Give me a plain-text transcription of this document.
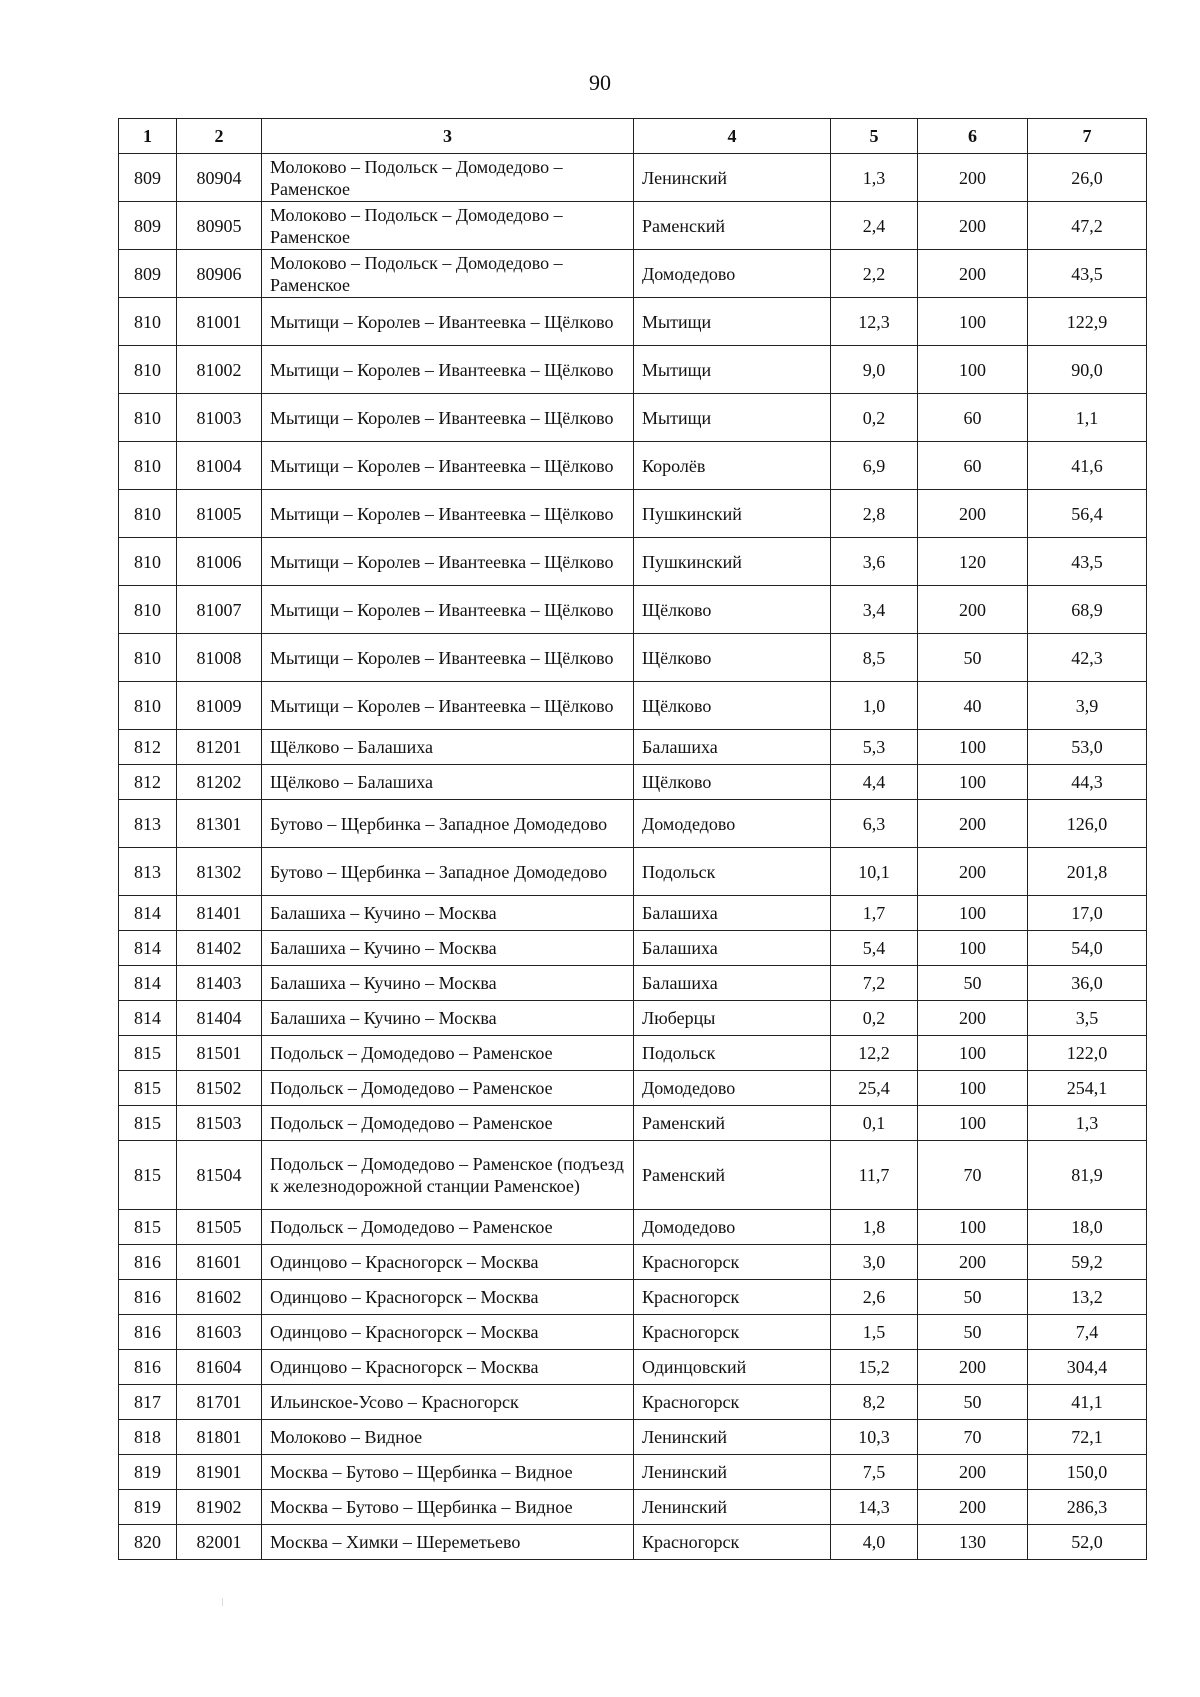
90
1	2	3	4	5	6	7
809	80904	Молоково – Подольск – Домодедово – Раменское	Ленинский	1,3	200	26,0
809	80905	Молоково – Подольск – Домодедово – Раменское	Раменский	2,4	200	47,2
809	80906	Молоково – Подольск – Домодедово – Раменское	Домодедово	2,2	200	43,5
810	81001	Мытищи – Королев – Ивантеевка – Щёлково	Мытищи	12,3	100	122,9
810	81002	Мытищи – Королев – Ивантеевка – Щёлково	Мытищи	9,0	100	90,0
810	81003	Мытищи – Королев – Ивантеевка – Щёлково	Мытищи	0,2	60	1,1
810	81004	Мытищи – Королев – Ивантеевка – Щёлково	Королёв	6,9	60	41,6
810	81005	Мытищи – Королев – Ивантеевка – Щёлково	Пушкинский	2,8	200	56,4
810	81006	Мытищи – Королев – Ивантеевка – Щёлково	Пушкинский	3,6	120	43,5
810	81007	Мытищи – Королев – Ивантеевка – Щёлково	Щёлково	3,4	200	68,9
810	81008	Мытищи – Королев – Ивантеевка – Щёлково	Щёлково	8,5	50	42,3
810	81009	Мытищи – Королев – Ивантеевка – Щёлково	Щёлково	1,0	40	3,9
812	81201	Щёлково – Балашиха	Балашиха	5,3	100	53,0
812	81202	Щёлково – Балашиха	Щёлково	4,4	100	44,3
813	81301	Бутово – Щербинка – Западное Домодедово	Домодедово	6,3	200	126,0
813	81302	Бутово – Щербинка – Западное Домодедово	Подольск	10,1	200	201,8
814	81401	Балашиха – Кучино – Москва	Балашиха	1,7	100	17,0
814	81402	Балашиха – Кучино – Москва	Балашиха	5,4	100	54,0
814	81403	Балашиха – Кучино – Москва	Балашиха	7,2	50	36,0
814	81404	Балашиха – Кучино – Москва	Люберцы	0,2	200	3,5
815	81501	Подольск – Домодедово – Раменское	Подольск	12,2	100	122,0
815	81502	Подольск – Домодедово – Раменское	Домодедово	25,4	100	254,1
815	81503	Подольск – Домодедово – Раменское	Раменский	0,1	100	1,3
815	81504	Подольск – Домодедово – Раменское (подъезд к железнодорожной станции Раменское)	Раменский	11,7	70	81,9
815	81505	Подольск – Домодедово – Раменское	Домодедово	1,8	100	18,0
816	81601	Одинцово – Красногорск – Москва	Красногорск	3,0	200	59,2
816	81602	Одинцово – Красногорск – Москва	Красногорск	2,6	50	13,2
816	81603	Одинцово – Красногорск – Москва	Красногорск	1,5	50	7,4
816	81604	Одинцово – Красногорск – Москва	Одинцовский	15,2	200	304,4
817	81701	Ильинское-Усово – Красногорск	Красногорск	8,2	50	41,1
818	81801	Молоково – Видное	Ленинский	10,3	70	72,1
819	81901	Москва – Бутово – Щербинка – Видное	Ленинский	7,5	200	150,0
819	81902	Москва – Бутово – Щербинка – Видное	Ленинский	14,3	200	286,3
820	82001	Москва – Химки – Шереметьево	Красногорск	4,0	130	52,0
